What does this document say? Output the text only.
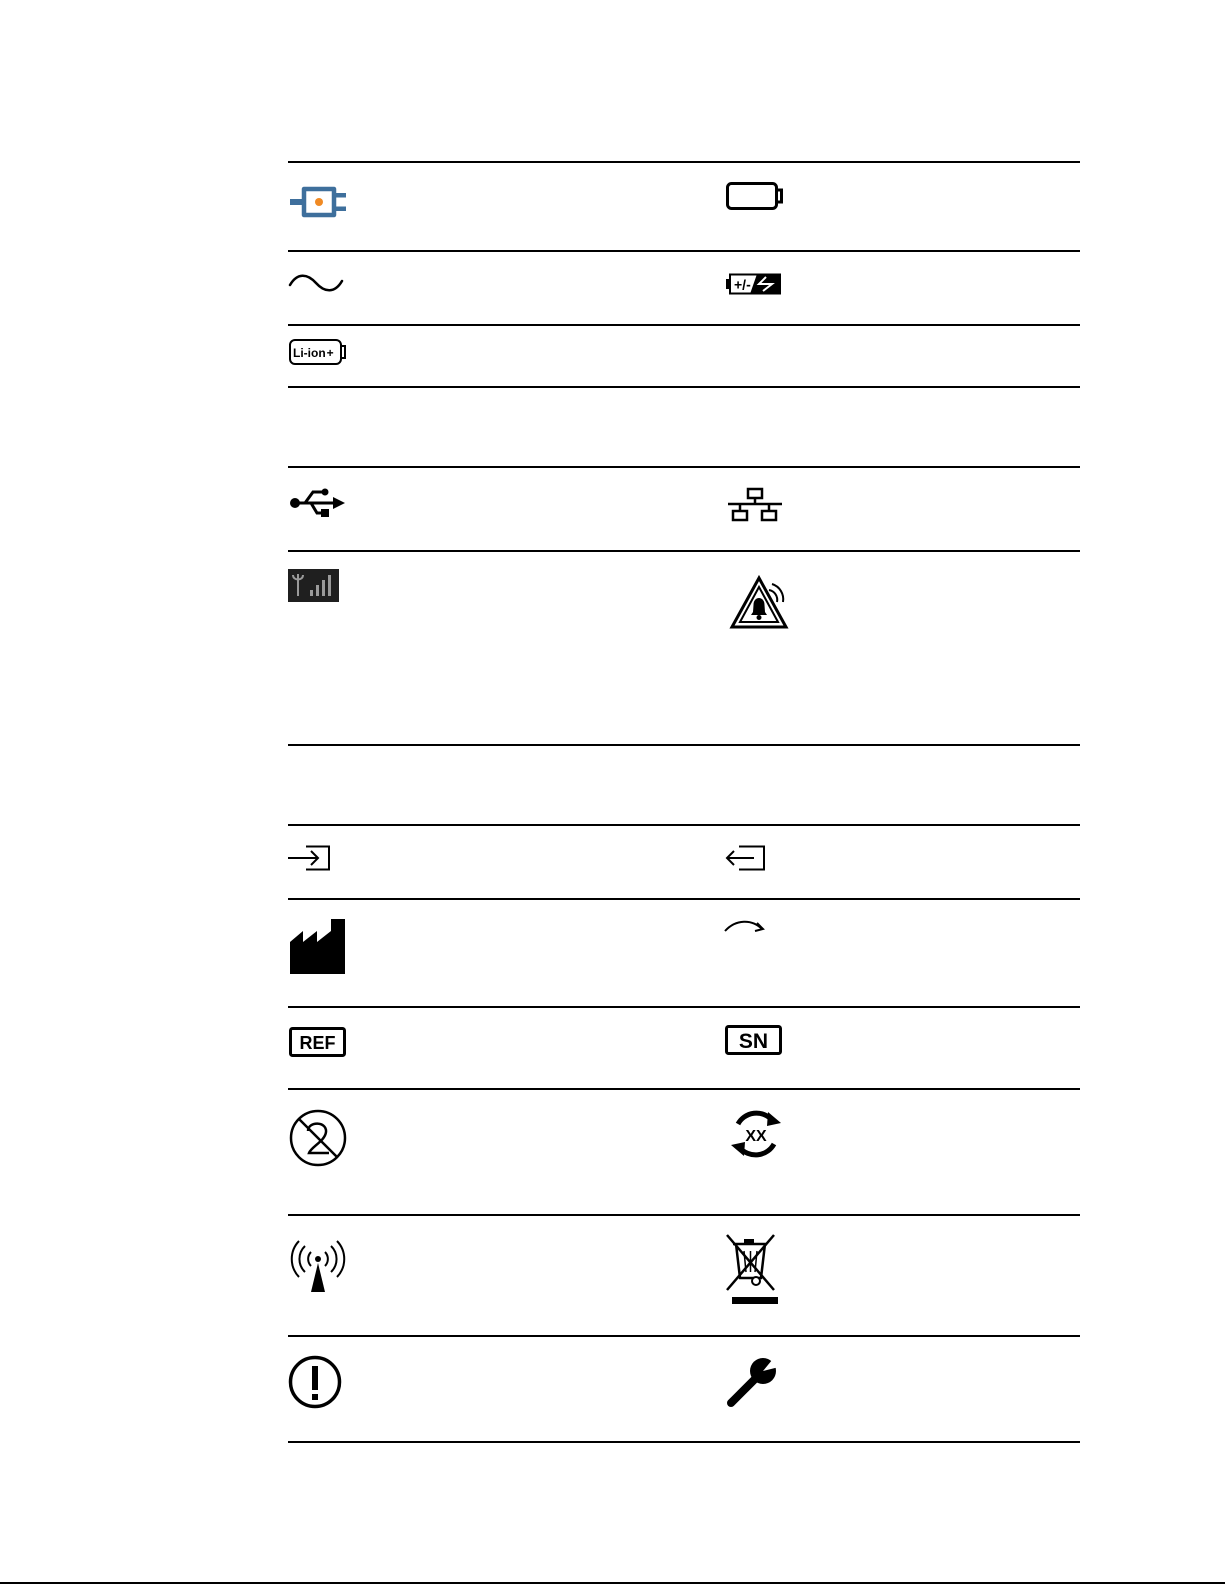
+/-
Li-ion+
REF	SN
XX
